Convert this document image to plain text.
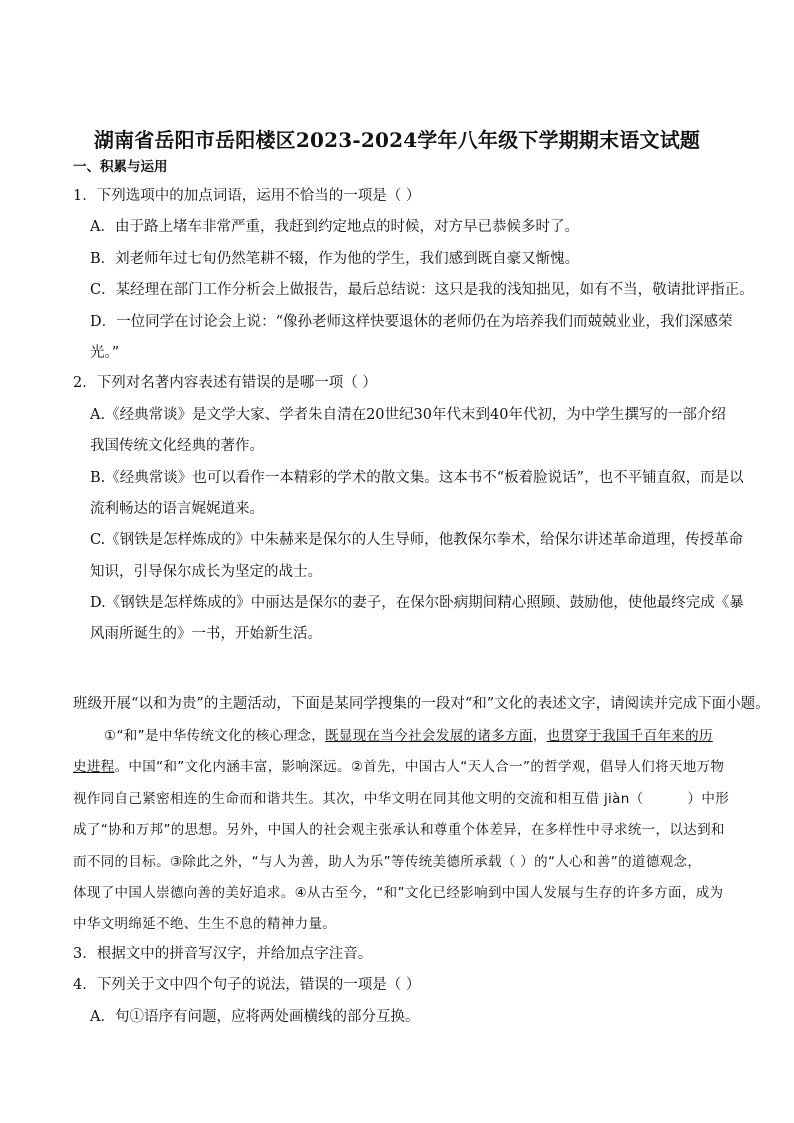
湖南省岳阳市岳阳楼区2023-2024学年八年级下学期期末语文试题
一、积累与运用
1．下列选项中的加点词语，运用不恰当的一项是（ ）
A．由于路上堵车非常严重，我赶到约定地点的时候，对方早已恭候多时了。
B．刘老师年过七旬仍然笔耕不辍，作为他的学生，我们感到既自豪又惭愧。
C．某经理在部门工作分析会上做报告，最后总结说：这只是我的浅知拙见，如有不当，敬请批评指正。
D．一位同学在讨论会上说：“像孙老师这样快要退休的老师仍在为培养我们而兢兢业业，我们深感荣
光。”
2．下列对名著内容表述有错误的是哪一项（ ）
A.《经典常谈》是文学大家、学者朱自清在20世纪30年代末到40年代初，为中学生撰写的一部介绍
我国传统文化经典的著作。
B.《经典常谈》也可以看作一本精彩的学术的散文集。这本书不“板着脸说话”，也不平铺直叙，而是以
流利畅达的语言娓娓道来。
C.《钢铁是怎样炼成的》中朱赫来是保尔的人生导师，他教保尔拳术，给保尔讲述革命道理，传授革命
知识，引导保尔成长为坚定的战士。
D.《钢铁是怎样炼成的》中丽达是保尔的妻子，在保尔卧病期间精心照顾、鼓励他，使他最终完成《暴
风雨所诞生的》一书，开始新生活。
班级开展“以和为贵”的主题活动，下面是某同学搜集的一段对“和”文化的表述文字，请阅读并完成下面小题。
①“和”是中华传统文化的核心理念，既显现在当今社会发展的诸多方面，也贯穿于我国千百年来的历
史进程。中国“和”文化内涵丰富，影响深远。②首先，中国古人“天人合一”的哲学观，倡导人们将天地万物
视作同自己紧密相连的生命而和谐共生。其次，中华文明在同其他文明的交流和相互借 jiàn（	）中形
成了“协和万邦”的思想。另外，中国人的社会观主张承认和尊重个体差异，在多样性中寻求统一，以达到和
而不同的目标。③除此之外，“与人为善，助人为乐”等传统美德所承载（ ）的“人心和善”的道德观念，
体现了中国人崇德向善的美好追求。④从古至今，“和”文化已经影响到中国人发展与生存的许多方面，成为
中华文明绵延不绝、生生不息的精神力量。
3．根据文中的拼音写汉字，并给加点字注音。
4．下列关于文中四个句子的说法，错误的一项是（ ）
A．句①语序有问题，应将两处画横线的部分互换。
